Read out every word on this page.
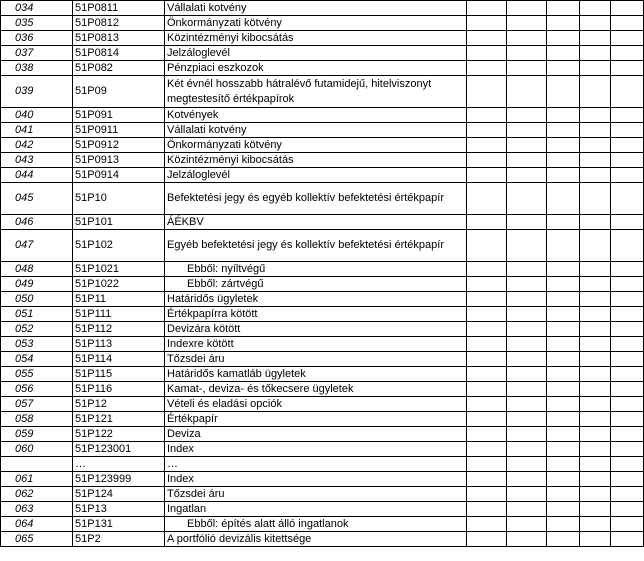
034	51P0811	Vállalati kotvény					
035	51P0812	Önkormányzati kötvény					
036	51P0813	Közintézményi kibocsátás					
037	51P0814	Jelzáloglevél					
038	51P082	Pénzpiaci eszkozok					
039	51P09	Két évnél hosszabb hátralévő futamidejű, hitelviszonyt megtestesítő értékpapírok					
040	51P091	Kotvények					
041	51P0911	Vállalati kotvény					
042	51P0912	Önkormányzati kötvény					
043	51P0913	Közintézményi kibocsátás					
044	51P0914	Jelzáloglevél					
045	51P10	Befektetési jegy és egyéb kollektív befektetési értékpapír					
046	51P101	ÁÉKBV					
047	51P102	Egyéb befektetési jegy és kollektív befektetési értékpapír					
048	51P1021	Ebből: nyíltvégű					
049	51P1022	Ebből: zártvégű					
050	51P11	Határidős ügyletek					
051	51P111	Értékpapírra kötött					
052	51P112	Devizára kötött					
053	51P113	Indexre kötött					
054	51P114	Tőzsdei áru					
055	51P115	Határidős kamatláb ügyletek					
056	51P116	Kamat-, deviza- és tőkecsere ügyletek					
057	51P12	Vételi és eladási opciók					
058	51P121	Értékpapír					
059	51P122	Deviza					
060	51P123001	Index					
	…	…					
061	51P123999	Index					
062	51P124	Tőzsdei áru					
063	51P13	Ingatlan					
064	51P131	Ebből: építés alatt álló ingatlanok					
065	51P2	A portfólió devizális kitettsége					
